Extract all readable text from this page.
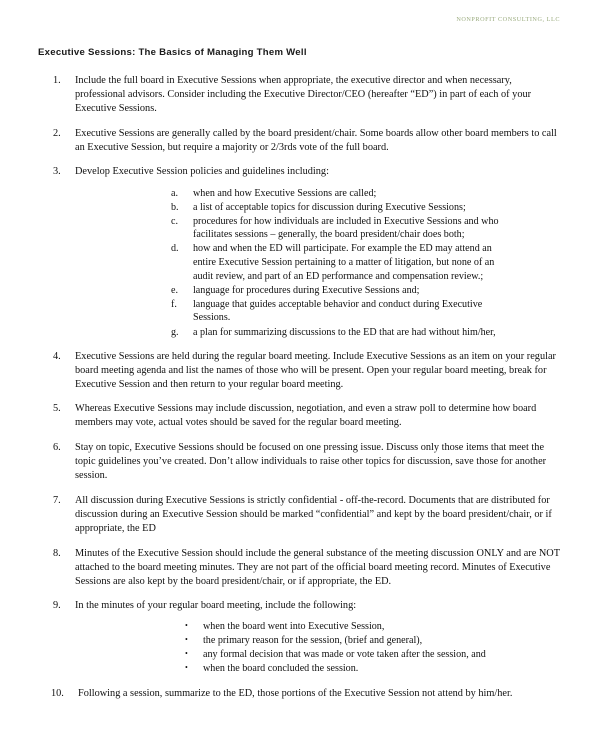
NONPROFIT CONSULTING, LLC
Executive Sessions: The Basics of Managing Them Well
1.	Include the full board in Executive Sessions when appropriate, the executive director and when necessary, professional advisors. Consider including the Executive Director/CEO (hereafter “ED”) in part of each of your Executive Sessions.
2.	Executive Sessions are generally called by the board president/chair. Some boards allow other board members to call an Executive Session, but require a majority or 2/3rds vote of the full board.
3.	Develop Executive Session policies and guidelines including:
a.	when and how Executive Sessions are called;
b.	a list of acceptable topics for discussion during Executive Sessions;
c.	procedures for how individuals are included in Executive Sessions and who facilitates sessions – generally, the board president/chair does both;
d.	how and when the ED will participate. For example the ED may attend an entire Executive Session pertaining to a matter of litigation, but none of an audit review, and part of an ED performance and compensation review.;
e.	language for procedures during Executive Sessions and;
f.	language that guides acceptable behavior and conduct during Executive Sessions.
g.	a plan for summarizing discussions to the ED that are had without him/her,
4.	Executive Sessions are held during the regular board meeting. Include Executive Sessions as an item on your regular board meeting agenda and list the names of those who will be present. Open your regular board meeting, break for Executive Session and then return to your regular board meeting.
5.	Whereas Executive Sessions may include discussion, negotiation, and even a straw poll to determine how board members may vote, actual votes should be saved for the regular board meeting.
6.	Stay on topic, Executive Sessions should be focused on one pressing issue. Discuss only those items that meet the topic guidelines you’ve created. Don’t allow individuals to raise other topics for discussion, save those for another session.
7.	All discussion during Executive Sessions is strictly confidential - off-the-record. Documents that are distributed for discussion during an Executive Session should be marked “confidential” and kept by the board president/chair, or if appropriate, the ED
8.	Minutes of the Executive Session should include the general substance of the meeting discussion ONLY and are NOT attached to the board meeting minutes. They are not part of the official board meeting record. Minutes of Executive Sessions are also kept by the board president/chair, or if appropriate, the ED.
9.	In the minutes of your regular board meeting, include the following:
•	when the board went into Executive Session,
•	the primary reason for the session, (brief and general),
•	any formal decision that was made or vote taken after the session, and
•	when the board concluded the session.
10.	Following a session, summarize to the ED, those portions of the Executive Session not attend by him/her.
